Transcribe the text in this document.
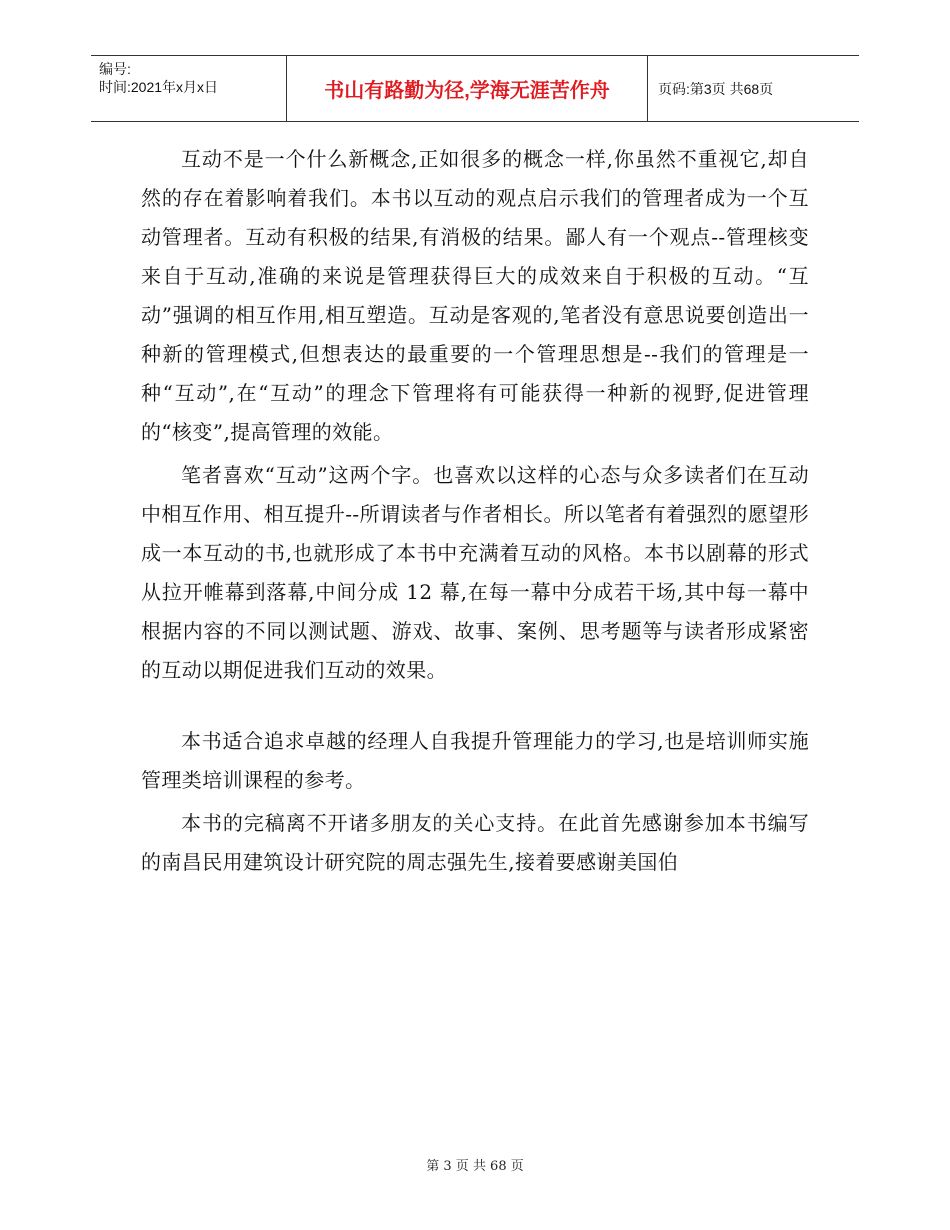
编号:
时间:2021年x月x日	书山有路勤为径,学海无涯苦作舟	页码:第3页 共68页

互动不是一个什么新概念,正如很多的概念一样,你虽然不重视它,却自然的存在着影响着我们。本书以互动的观点启示我们的管理者成为一个互动管理者。互动有积极的结果,有消极的结果。鄙人有一个观点--管理核变来自于互动,准确的来说是管理获得巨大的成效来自于积极的互动。“互动”强调的相互作用,相互塑造。互动是客观的,笔者没有意思说要创造出一种新的管理模式,但想表达的最重要的一个管理思想是--我们的管理是一种“互动”,在“互动”的理念下管理将有可能获得一种新的视野,促进管理的“核变”,提高管理的效能。

笔者喜欢“互动”这两个字。也喜欢以这样的心态与众多读者们在互动中相互作用、相互提升--所谓读者与作者相长。所以笔者有着强烈的愿望形成一本互动的书,也就形成了本书中充满着互动的风格。本书以剧幕的形式从拉开帷幕到落幕,中间分成 12 幕,在每一幕中分成若干场,其中每一幕中根据内容的不同以测试题、游戏、故事、案例、思考题等与读者形成紧密的互动以期促进我们互动的效果。

本书适合追求卓越的经理人自我提升管理能力的学习,也是培训师实施管理类培训课程的参考。

本书的完稿离不开诸多朋友的关心支持。在此首先感谢参加本书编写的南昌民用建筑设计研究院的周志强先生,接着要感谢美国伯

第 3 页 共 68 页
